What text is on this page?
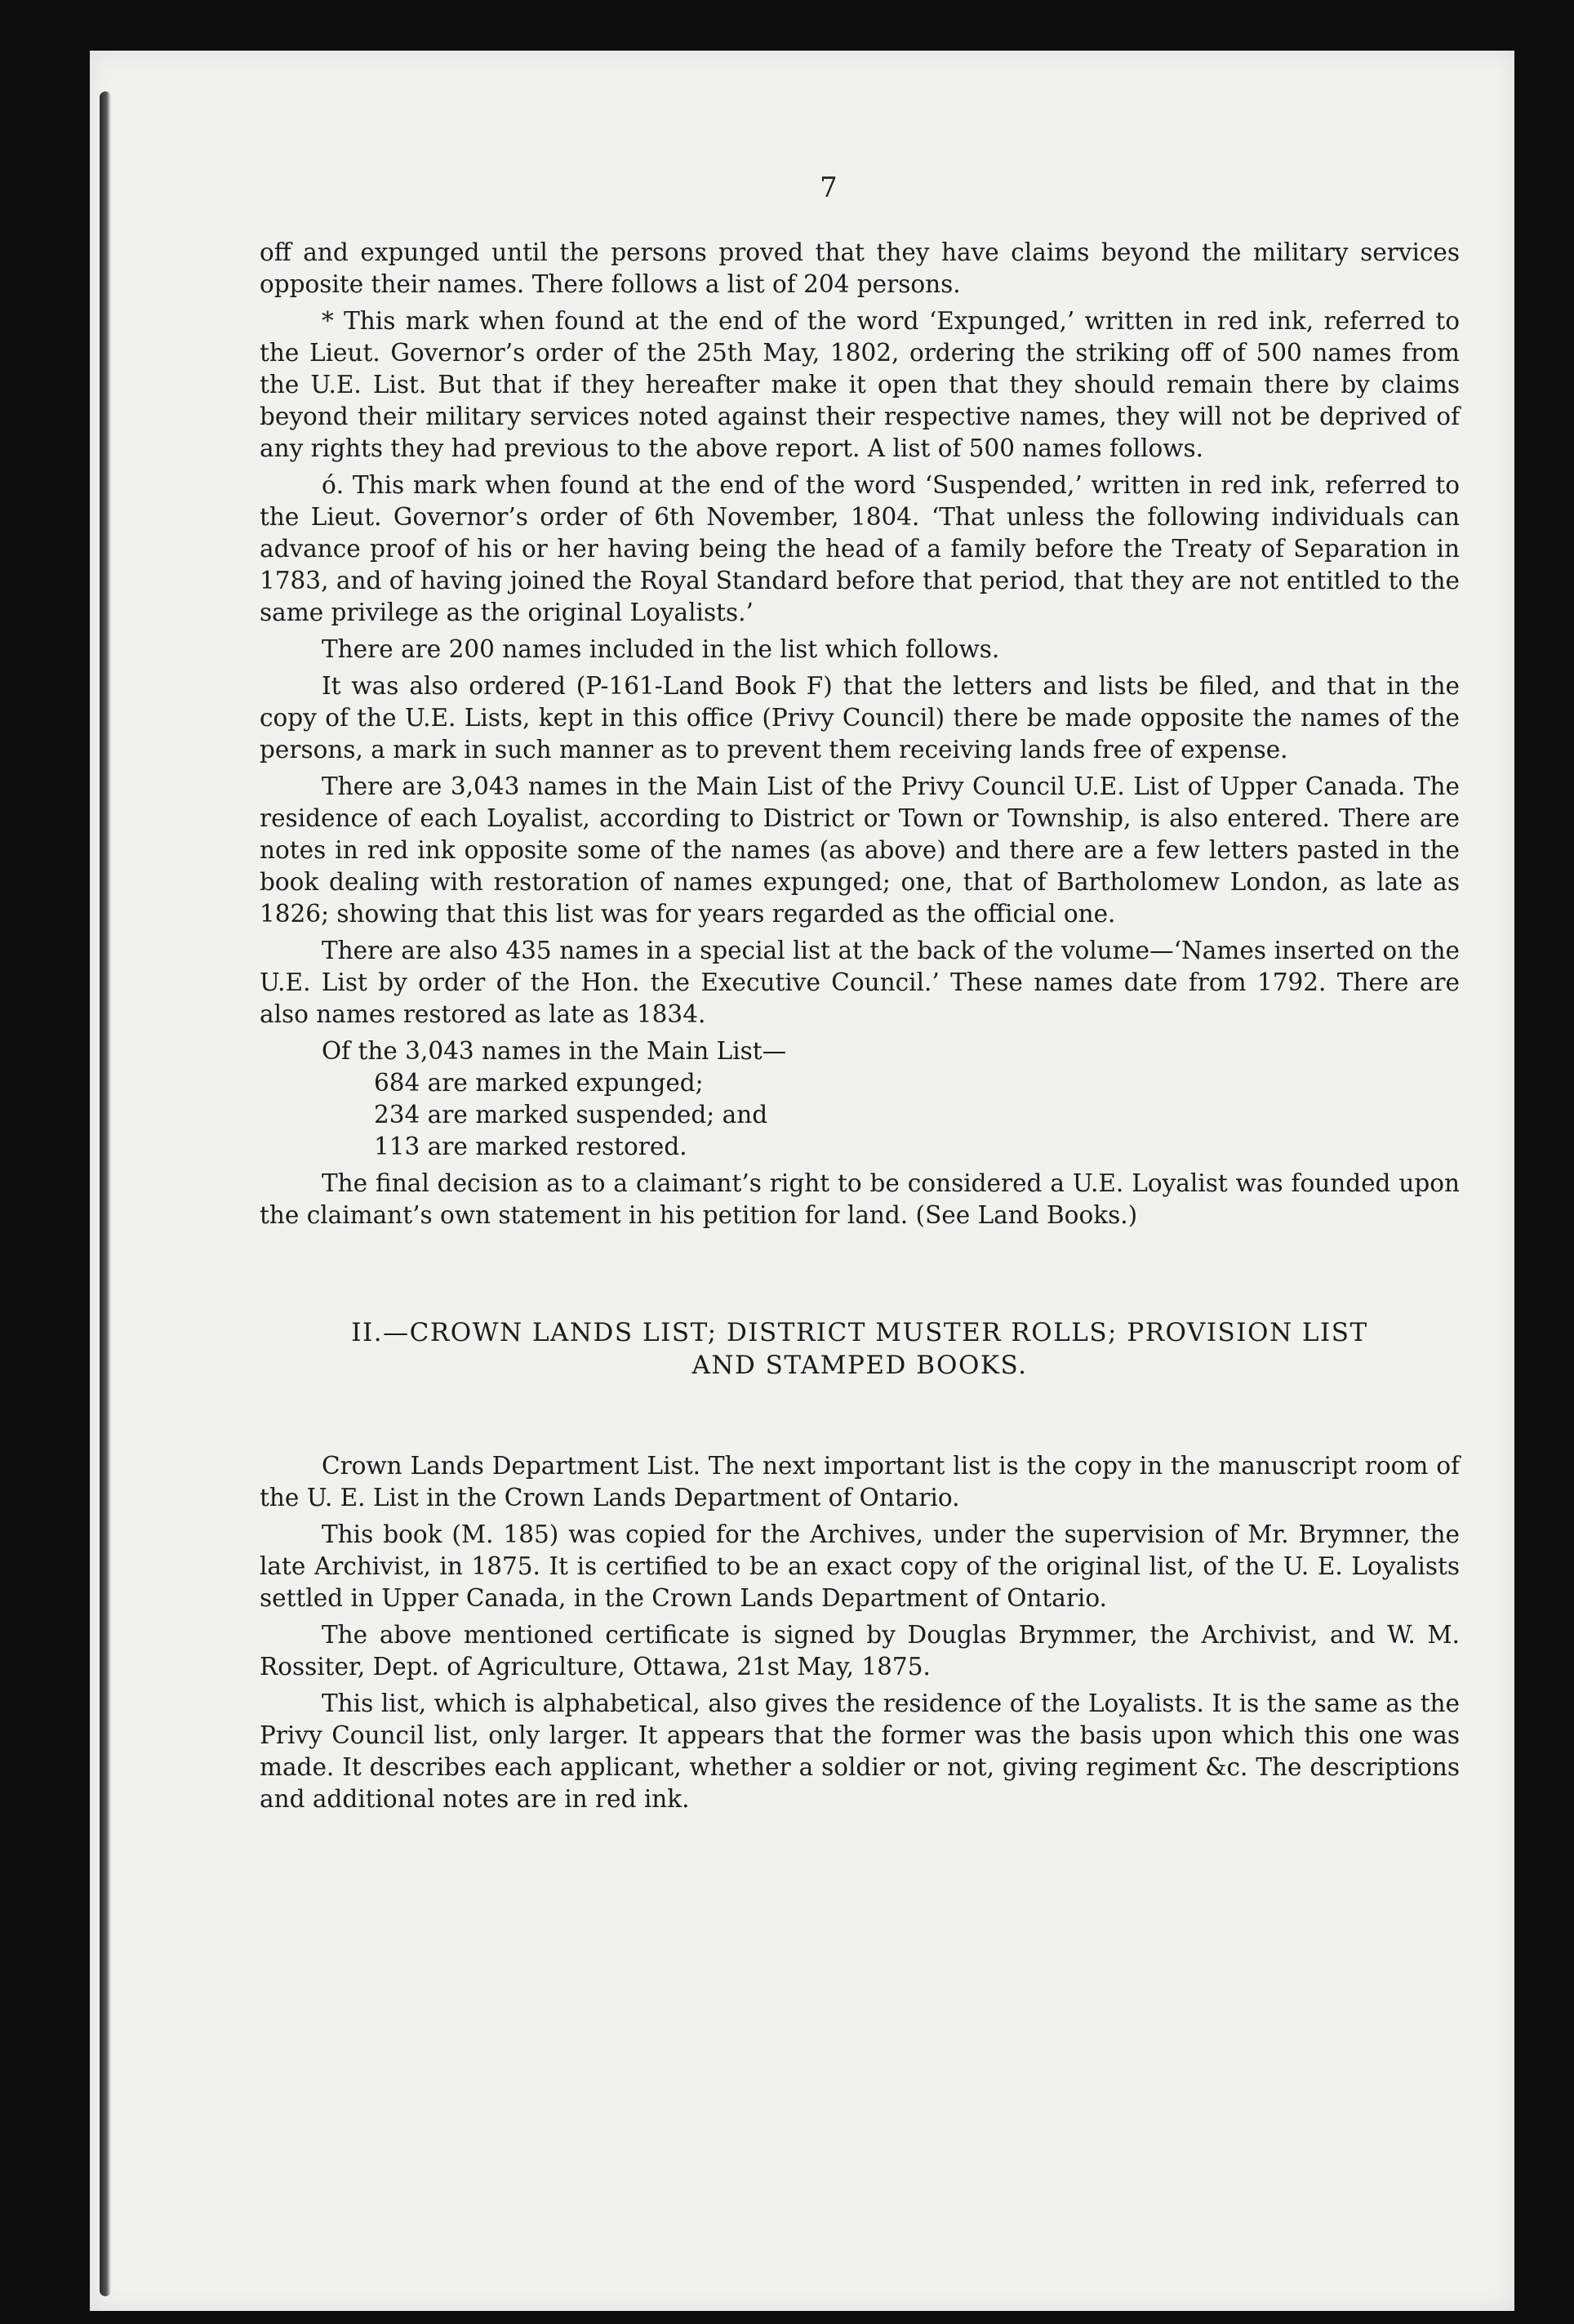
7

off and expunged until the persons proved that they have claims beyond the military services opposite their names. There follows a list of 204 persons.

* This mark when found at the end of the word ‘Expunged,’ written in red ink, referred to the Lieut. Governor’s order of the 25th May, 1802, ordering the striking off of 500 names from the U.E. List. But that if they hereafter make it open that they should remain there by claims beyond their military services noted against their respective names, they will not be deprived of any rights they had previous to the above report. A list of 500 names follows.

ό. This mark when found at the end of the word ‘Suspended,’ written in red ink, referred to the Lieut. Governor’s order of 6th November, 1804. ‘That unless the following individuals can advance proof of his or her having being the head of a family before the Treaty of Separation in 1783, and of having joined the Royal Standard before that period, that they are not entitled to the same privilege as the original Loyalists.’

There are 200 names included in the list which follows.

It was also ordered (P-161-Land Book F) that the letters and lists be filed, and that in the copy of the U.E. Lists, kept in this office (Privy Council) there be made opposite the names of the persons, a mark in such manner as to prevent them receiving lands free of expense.

There are 3,043 names in the Main List of the Privy Council U.E. List of Upper Canada. The residence of each Loyalist, according to District or Town or Township, is also entered. There are notes in red ink opposite some of the names (as above) and there are a few letters pasted in the book dealing with restoration of names expunged; one, that of Bartholomew London, as late as 1826; showing that this list was for years regarded as the official one.

There are also 435 names in a special list at the back of the volume—‘Names inserted on the U.E. List by order of the Hon. the Executive Council.’ These names date from 1792. There are also names restored as late as 1834.

Of the 3,043 names in the Main List—

684 are marked expunged;
234 are marked suspended; and
113 are marked restored.

The final decision as to a claimant’s right to be considered a U.E. Loyalist was founded upon the claimant’s own statement in his petition for land. (See Land Books.)

II.—CROWN LANDS LIST; DISTRICT MUSTER ROLLS; PROVISION LIST
AND STAMPED BOOKS.

Crown Lands Department List. The next important list is the copy in the manuscript room of the U. E. List in the Crown Lands Department of Ontario.

This book (M. 185) was copied for the Archives, under the supervision of Mr. Brymner, the late Archivist, in 1875. It is certified to be an exact copy of the original list, of the U. E. Loyalists settled in Upper Canada, in the Crown Lands Department of Ontario.

The above mentioned certificate is signed by Douglas Brymmer, the Archivist, and W. M. Rossiter, Dept. of Agriculture, Ottawa, 21st May, 1875.

This list, which is alphabetical, also gives the residence of the Loyalists. It is the same as the Privy Council list, only larger. It appears that the former was the basis upon which this one was made. It describes each applicant, whether a soldier or not, giving regiment &c. The descriptions and additional notes are in red ink.
